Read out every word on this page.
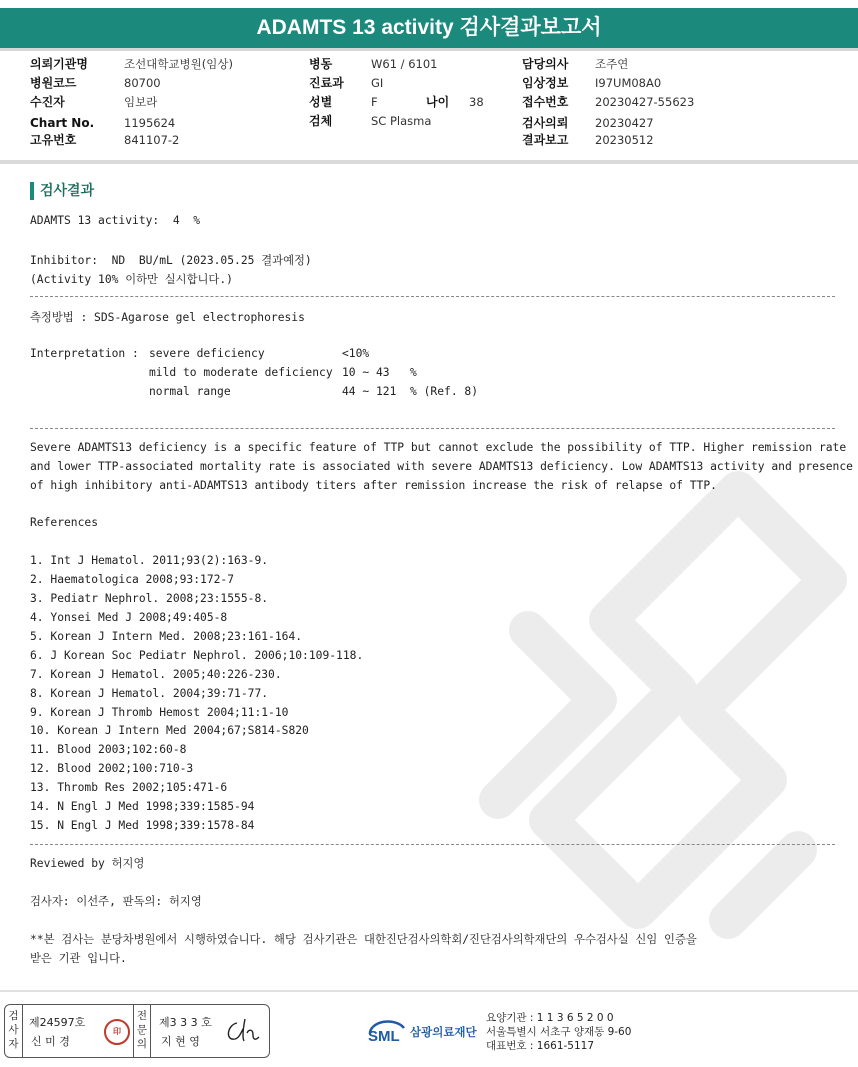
ADAMTS 13 activity 검사결과보고서
의뢰기관명	조선대학교병원(임상)
병원코드	80700
수진자	임보라
Chart No.	1195624
고유번호	841107-2
병동	W61 / 6101
진료과 GI
성별	F	나이 38
검체	SC Plasma
담당의사 조주연
임상정보 I97UM08A0
접수번호 20230427-55623
검사의뢰 20230427
결과보고 20230512
검사결과
ADAMTS 13 activity:  4  %
Inhibitor:  ND  BU/mL (2023.05.25 결과예정)
(Activity 10% 이하만 실시합니다.)
측정방법 : SDS-Agarose gel electrophoresis
Interpretation : severe deficiency	<10%
mild to moderate deficiency 10 ~ 43   %
normal range	44 ~ 121  % (Ref. 8)
Severe ADAMTS13 deficiency is a specific feature of TTP but cannot exclude the possibility of TTP. Higher remission rate
and lower TTP-associated mortality rate is associated with severe ADAMTS13 deficiency. Low ADAMTS13 activity and presence
of high inhibitory anti-ADAMTS13 antibody titers after remission increase the risk of relapse of TTP.
References
1. Int J Hematol. 2011;93(2):163-9.
2. Haematologica 2008;93:172-7
3. Pediatr Nephrol. 2008;23:1555-8.
4. Yonsei Med J 2008;49:405-8
5. Korean J Intern Med. 2008;23:161-164.
6. J Korean Soc Pediatr Nephrol. 2006;10:109-118.
7. Korean J Hematol. 2005;40:226-230.
8. Korean J Hematol. 2004;39:71-77.
9. Korean J Thromb Hemost 2004;11:1-10
10. Korean J Intern Med 2004;67;S814-S820
11. Blood 2003;102:60-8
12. Blood 2002;100:710-3
13. Thromb Res 2002;105:471-6
14. N Engl J Med 1998;339:1585-94
15. N Engl J Med 1998;339:1578-84
Reviewed by 허지영
검사자: 이선주, 판독의: 허지영
**본 검사는 분당차병원에서 시행하였습니다. 해당 검사기관은 대한진단검사의학회/진단검사의학재단의 우수검사실 신임 인증을
받은 기관 입니다.
검사자
제24597호
신 미 경
印
전문의
제3 3 3 호
지 현 영	SML 삼광의료재단
요양기관 : 1 1 3 6 5 2 0 0
서울특별시 서초구 양재동 9-60
대표번호 : 1661-5117
